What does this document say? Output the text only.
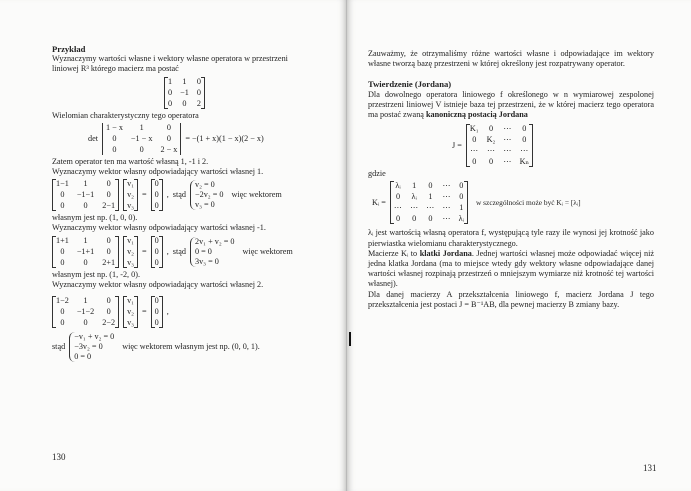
Przykład
Wyznaczymy wartości własne i wektory własne operatora w przestrzeni
liniowej R³ którego macierz ma postać
1 1 0
0 −1 0
0 0 2
Wielomian charakterystyczny tego operatora
det
1 − x	1	0
0	−1 − x	0
0	0	2 − x
= −(1 + x)(1 − x)(2 − x)
Zatem operator ten ma wartość własną 1, -1 i 2.
Wyznaczymy wektor własny odpowiadający wartości własnej 1.
1−1	1	0
0	−1−1	0
0	0	2−1
v₁
v₂
v₃
=
0
0
0
, stąd
v₂ = 0
−2v₂ = 0
v₃ = 0
więc wektorem
własnym jest np. (1, 0, 0).
Wyznaczymy wektor własny odpowiadający wartości własnej -1.
1+1	1	0
0	−1+1	0
0	0	2+1
v₁
v₂
v₃
=
0
0
0
, stąd
2v₁ + v₂ = 0
0 = 0
3v₃ = 0
więc wektorem
własnym jest np. (1, -2, 0).
Wyznaczymy wektor własny odpowiadający wartości własnej 2.
1−2	1	0
0	−1−2	0
0	0	2−2
v₁
v₂
v₃
=
0
0
0
,
stąd
−v₁ + v₂ = 0
−3v₂ = 0
0 = 0
więc wektorem własnym jest np. (0, 0, 1).
130
Zauważmy, że otrzymaliśmy różne wartości własne i odpowiadające im wektory własne tworzą bazę przestrzeni w której określony jest rozpatrywany operator.
Twierdzenie (Jordana)
Dla dowolnego operatora liniowego f określonego w n wymiarowej zespolonej przestrzeni liniowej V istnieje baza tej przestrzeni, że w której macierz tego operatora ma postać zwaną kanoniczną postacią Jordana
J =
K₁ 0 ⋯	0
0 K₂ ⋯	0
⋯ ⋯ ⋯ ⋯
0 0 ⋯ Kₙ
gdzie
Kᵢ =
λᵢ 1 0 ⋯ 0
0 λᵢ 1 ⋯ 0
⋯ ⋯ ⋯ ⋯ 1
0 0 0 ⋯ λᵢ
w szczególności może być Kᵢ = [λᵢ]
λᵢ jest wartością własną operatora f, występującą tyle razy ile wynosi jej krotność jako pierwiastka wielomianu charakterystycznego.
Macierze Kᵢ to klatki Jordana. Jednej wartości własnej może odpowiadać więcej niż jedna klatka Jordana (ma to miejsce wtedy gdy wektory własne odpowiadające danej wartości własnej rozpinają przestrzeń o mniejszym wymiarze niż krotność tej wartości własnej).
Dla danej macierzy A przekształcenia liniowego f, macierz Jordana J tego przekształcenia jest postaci J = B⁻¹AB, dla pewnej macierzy B zmiany bazy.
131
